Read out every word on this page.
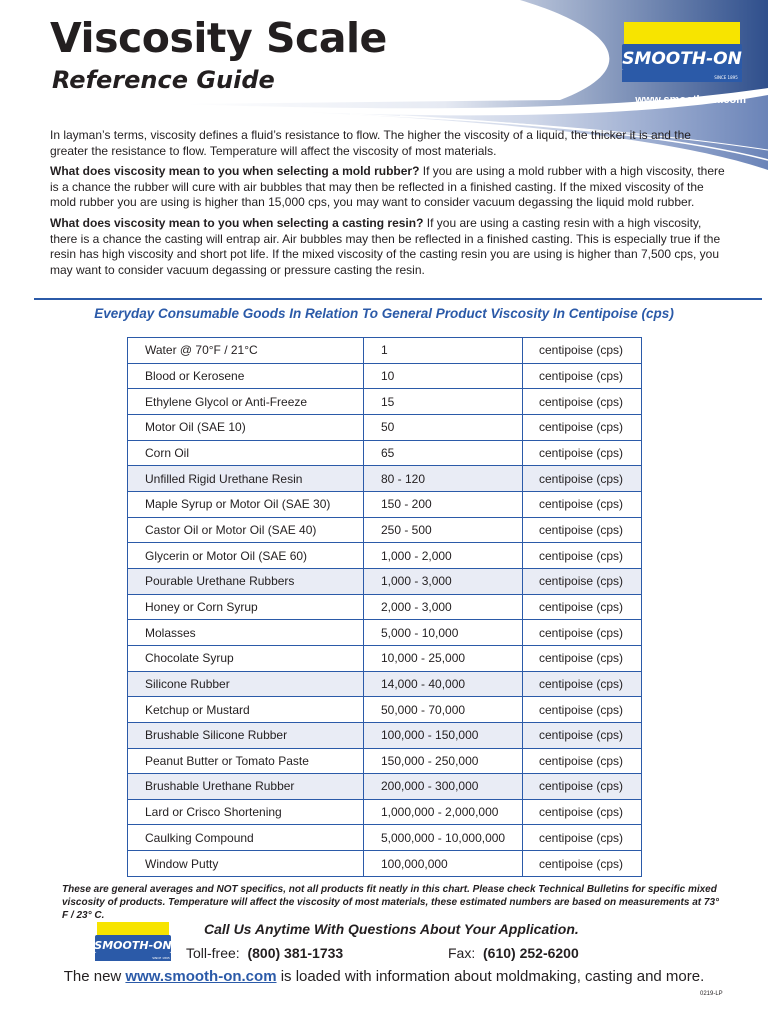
Viscosity Scale
Reference Guide
SMOOTH-ON
SINCE 1895
www.smooth-on.com

In layman’s terms, viscosity defines a fluid’s resistance to flow. The higher the viscosity of a liquid, the thicker it is and the greater the resistance to flow. Temperature will affect the viscosity of most materials.

What does viscosity mean to you when selecting a mold rubber? If you are using a mold rubber with a high viscosity, there is a chance the rubber will cure with air bubbles that may then be reflected in a finished casting. If the mixed viscosity of the mold rubber you are using is higher than 15,000 cps, you may want to consider vacuum degassing the liquid mold rubber.

What does viscosity mean to you when selecting a casting resin? If you are using a casting resin with a high viscosity, there is a chance the casting will entrap air. Air bubbles may then be reflected in a finished casting. This is especially true if the resin has high viscosity and short pot life. If the mixed viscosity of the casting resin you are using is higher than 7,500 cps, you may want to consider vacuum degassing or pressure casting the resin.

Everyday Consumable Goods In Relation To General Product Viscosity In Centipoise (cps)
Water @ 70°F / 21°C	1	centipoise (cps)
Blood or Kerosene	10	centipoise (cps)
Ethylene Glycol or Anti-Freeze	15	centipoise (cps)
Motor Oil (SAE 10)	50	centipoise (cps)
Corn Oil	65	centipoise (cps)
Unfilled Rigid Urethane Resin	80 - 120	centipoise (cps)
Maple Syrup or Motor Oil (SAE 30)	150 - 200	centipoise (cps)
Castor Oil or Motor Oil (SAE 40)	250 - 500	centipoise (cps)
Glycerin or Motor Oil (SAE 60)	1,000 - 2,000	centipoise (cps)
Pourable Urethane Rubbers	1,000 - 3,000	centipoise (cps)
Honey or Corn Syrup	2,000 - 3,000	centipoise (cps)
Molasses	5,000 - 10,000	centipoise (cps)
Chocolate Syrup	10,000 - 25,000	centipoise (cps)
Silicone Rubber	14,000 - 40,000	centipoise (cps)
Ketchup or Mustard	50,000 - 70,000	centipoise (cps)
Brushable Silicone Rubber	100,000 - 150,000	centipoise (cps)
Peanut Butter or Tomato Paste	150,000 - 250,000	centipoise (cps)
Brushable Urethane Rubber	200,000 - 300,000	centipoise (cps)
Lard or Crisco Shortening	1,000,000 - 2,000,000	centipoise (cps)
Caulking Compound	5,000,000 - 10,000,000	centipoise (cps)
Window Putty	100,000,000	centipoise (cps)
These are general averages and NOT specifics, not all products fit neatly in this chart. Please check Technical Bulletins for specific mixed viscosity of products. Temperature will affect the viscosity of most materials, these estimated numbers are based on measurements at 73° F / 23° C.
SMOOTH-ON
SINCE 1895
Call Us Anytime With Questions About Your Application.
Toll-free: (800) 381-1733	Fax: (610) 252-6200
The new www.smooth-on.com is loaded with information about moldmaking, casting and more.
0219-LP
